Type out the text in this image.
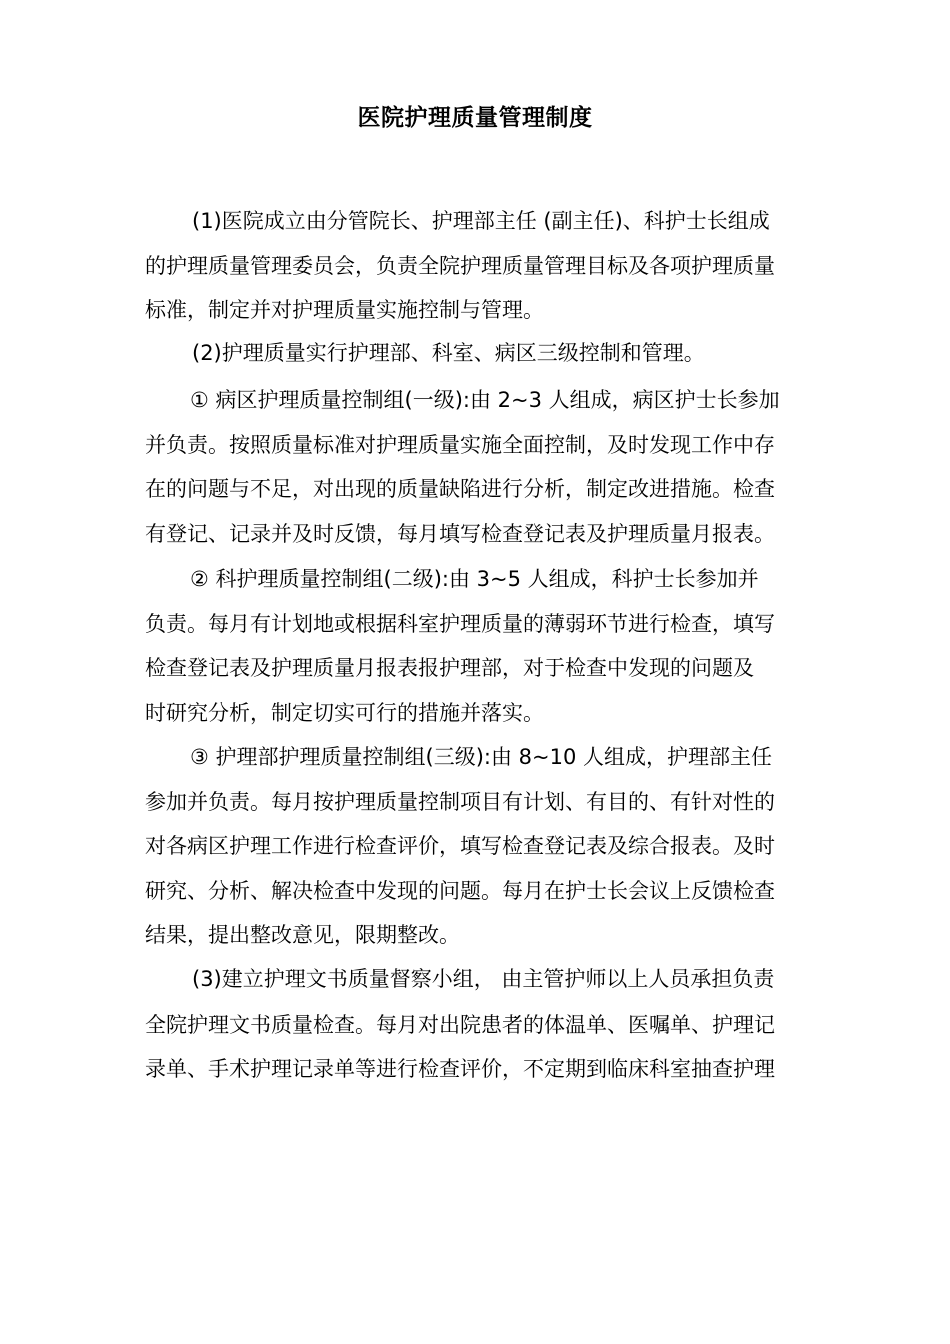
医院护理质量管理制度
(1)医院成立由分管院长、护理部主任 (副主任)、科护士长组成
的护理质量管理委员会，负责全院护理质量管理目标及各项护理质量
标准，制定并对护理质量实施控制与管理。
(2)护理质量实行护理部、科室、病区三级控制和管理。
① 病区护理质量控制组(一级):由 2~3 人组成，病区护士长参加
并负责。按照质量标准对护理质量实施全面控制，及时发现工作中存
在的问题与不足，对出现的质量缺陷进行分析，制定改进措施。检查
有登记、记录并及时反馈，每月填写检查登记表及护理质量月报表。
② 科护理质量控制组(二级):由 3~5 人组成，科护士长参加并
负责。每月有计划地或根据科室护理质量的薄弱环节进行检查，填写
检查登记表及护理质量月报表报护理部，对于检查中发现的问题及
时研究分析，制定切实可行的措施并落实。
③ 护理部护理质量控制组(三级):由 8~10 人组成，护理部主任
参加并负责。每月按护理质量控制项目有计划、有目的、有针对性的
对各病区护理工作进行检查评价，填写检查登记表及综合报表。及时
研究、分析、解决检查中发现的问题。每月在护士长会议上反馈检查
结果，提出整改意见，限期整改。
(3)建立护理文书质量督察小组， 由主管护师以上人员承担负责
全院护理文书质量检查。每月对出院患者的体温单、医嘱单、护理记
录单、手术护理记录单等进行检查评价，不定期到临床科室抽查护理
